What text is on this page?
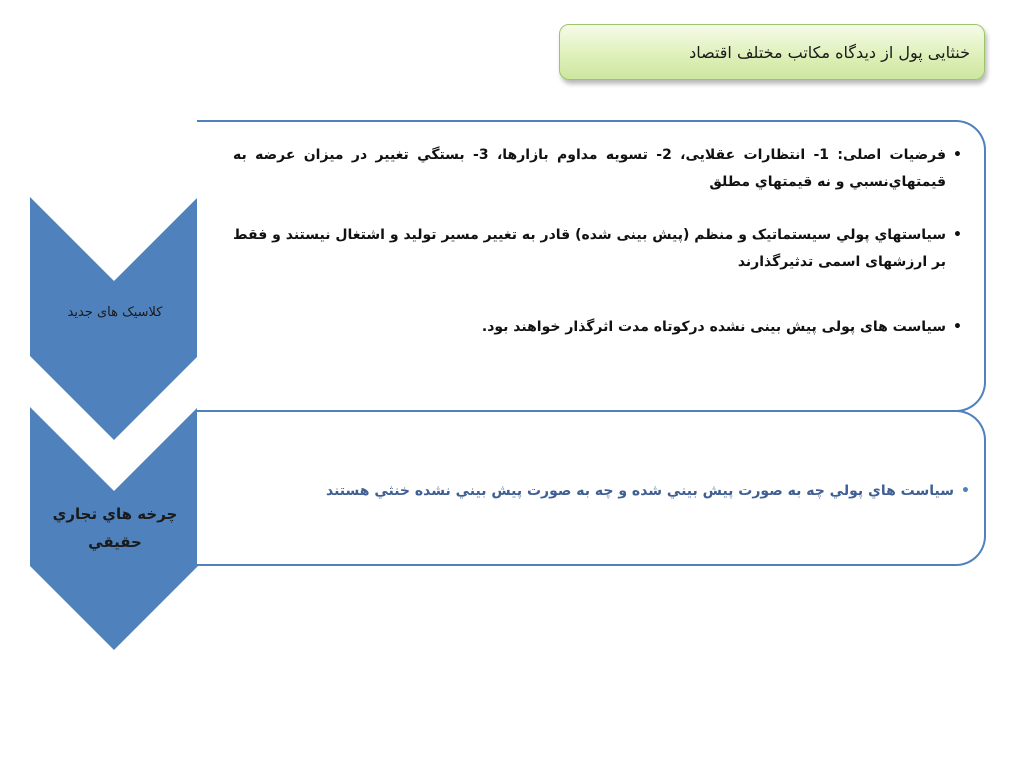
خنثایی پول از دیدگاه مکاتب مختلف اقتصاد
كلاسيک های جديد
چرخه هاي تجاري حقيقي

• فرضيات اصلی: 1- انتظارات عقلايی، 2- تسويه مداوم بازارها، 3- بستگي تغيير در ميزان عرضه به قيمتهاي‌نسبي و نه قيمتهاي مطلق

• سياستهاي پولي سيستماتيک و منظم (پيش بينی شده) قادر به تغيير مسير توليد و اشتغال نيستند و فقط بر ارزشهای اسمی تدثيرگذارند

• سياست های پولی پيش بينی نشده درکوتاه مدت اثرگذار خواهند بود.

• سياست هاي پولي چه به صورت پيش بيني شده و چه به صورت پيش بيني نشده خنثي هستند
